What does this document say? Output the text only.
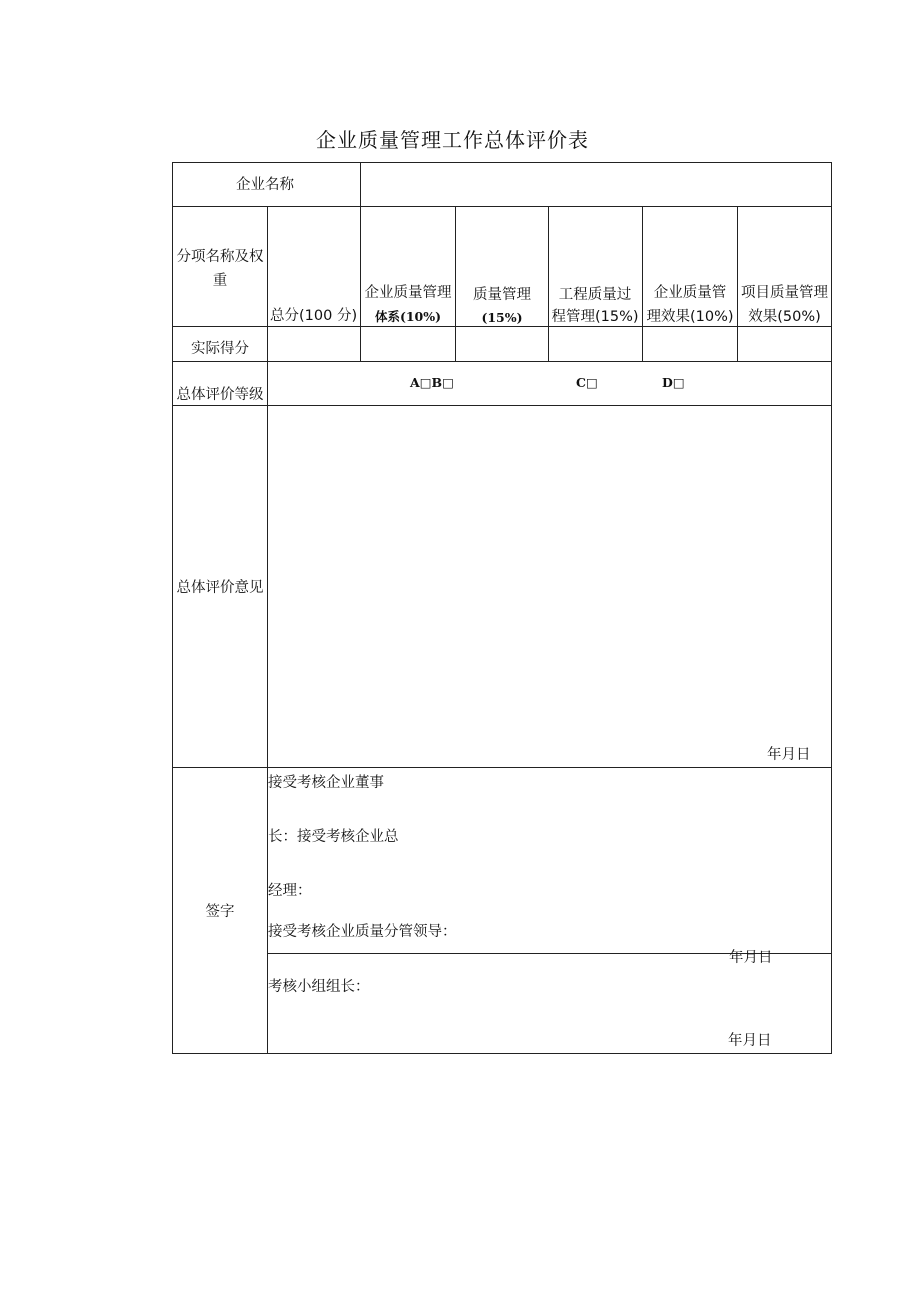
企业质量管理工作总体评价表
企业名称
分项名称及权
重
实际得分
总体评价等级
总体评价意见
签字
总分(100 分)
企业质量管理
体系(10%)
质量管理
(15%)
工程质量过
程管理(15%)
企业质量管
理效果(10%)
项目质量管理
效果(50%)
A□B□	C□	D□
年月日
接受考核企业董事
长：接受考核企业总
经理：
接受考核企业质量分管领导：
年月日
考核小组组长：
年月日
